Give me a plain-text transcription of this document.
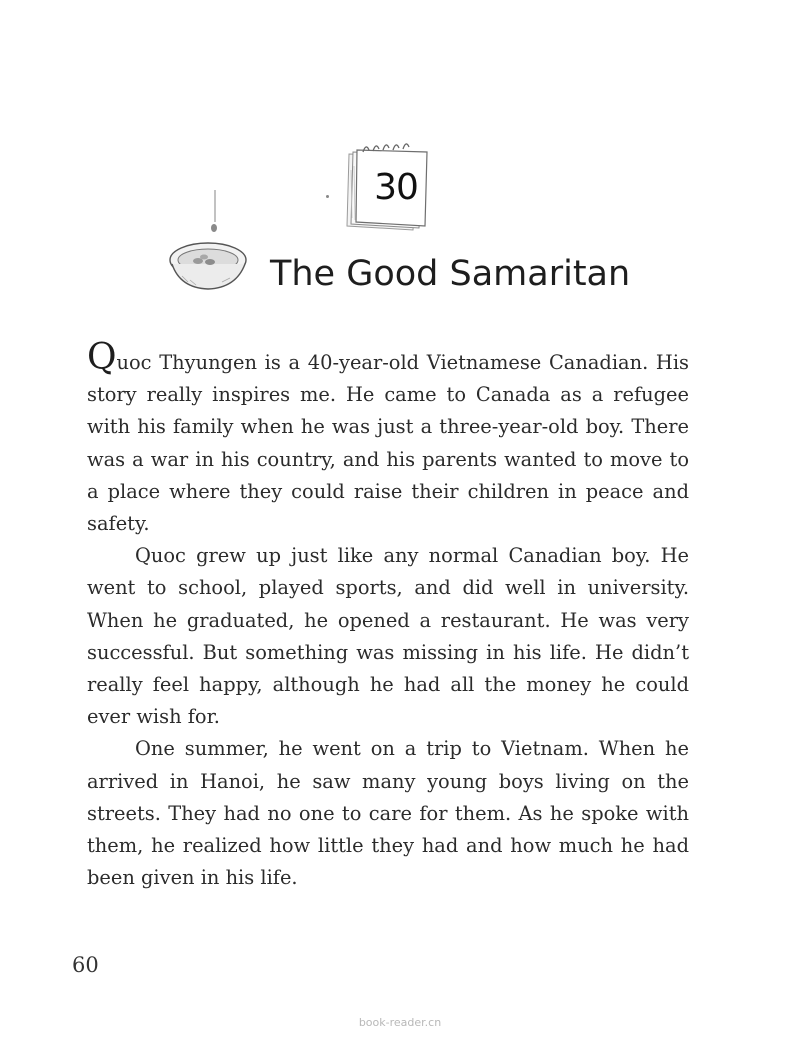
30
The Good Samaritan

Quoc Thyungen is a 40-year-old Vietnamese Canadian. His story really inspires me. He came to Canada as a refugee with his family when he was just a three-year-old boy. There was a war in his country, and his parents wanted to move to a place where they could raise their children in peace and safety.

Quoc grew up just like any normal Canadian boy. He went to school, played sports, and did well in university. When he graduated, he opened a restaurant. He was very successful. But something was missing in his life. He didn’t really feel happy, although he had all the money he could ever wish for.

One summer, he went on a trip to Vietnam. When he arrived in Hanoi, he saw many young boys living on the streets. They had no one to care for them. As he spoke with them, he realized how little they had and how much he had been given in his life.

60
book-reader.cn
